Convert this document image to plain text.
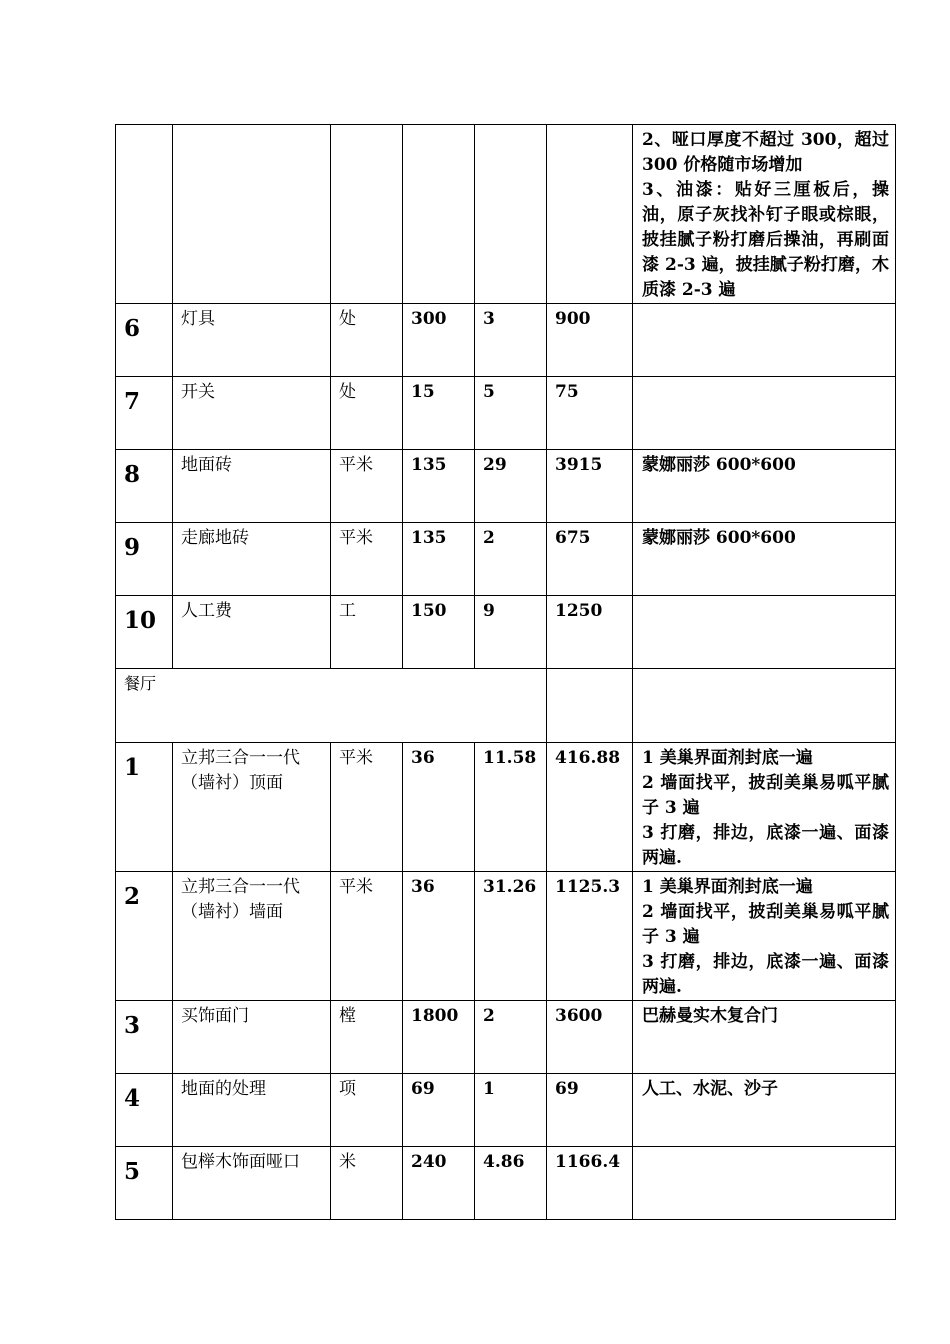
						2、哑口厚度不超过 300，超过 300 价格随市场增加
3、油漆：贴好三厘板后，操油，原子灰找补钉子眼或棕眼，披挂腻子粉打磨后操油，再刷面漆 2-3 遍，披挂腻子粉打磨，木质漆 2-3 遍

6	灯具	处	300	3	900	
7	开关	处	15	5	75	
8	地面砖	平米	135	29	3915	蒙娜丽莎 600*600
9	走廊地砖	平米	135	2	675	蒙娜丽莎 600*600
10	人工费	工	150	9	1250	
餐厅						
1	立邦三合一一代（墙衬）顶面	平米	36	11.58	416.88	1 美巢界面剂封底一遍
2 墙面找平，披刮美巢易呱平腻子 3 遍
3 打磨，排边，底漆一遍、面漆两遍.

2	立邦三合一一代（墙衬）墙面	平米	36	31.26	1125.3	1 美巢界面剂封底一遍
2 墙面找平，披刮美巢易呱平腻子 3 遍
3 打磨，排边，底漆一遍、面漆两遍.

3	买饰面门	樘	1800	2	3600	巴赫曼实木复合门
4	地面的处理	项	69	1	69	人工、水泥、沙子
5	包榉木饰面哑口	米	240	4.86	1166.4	
